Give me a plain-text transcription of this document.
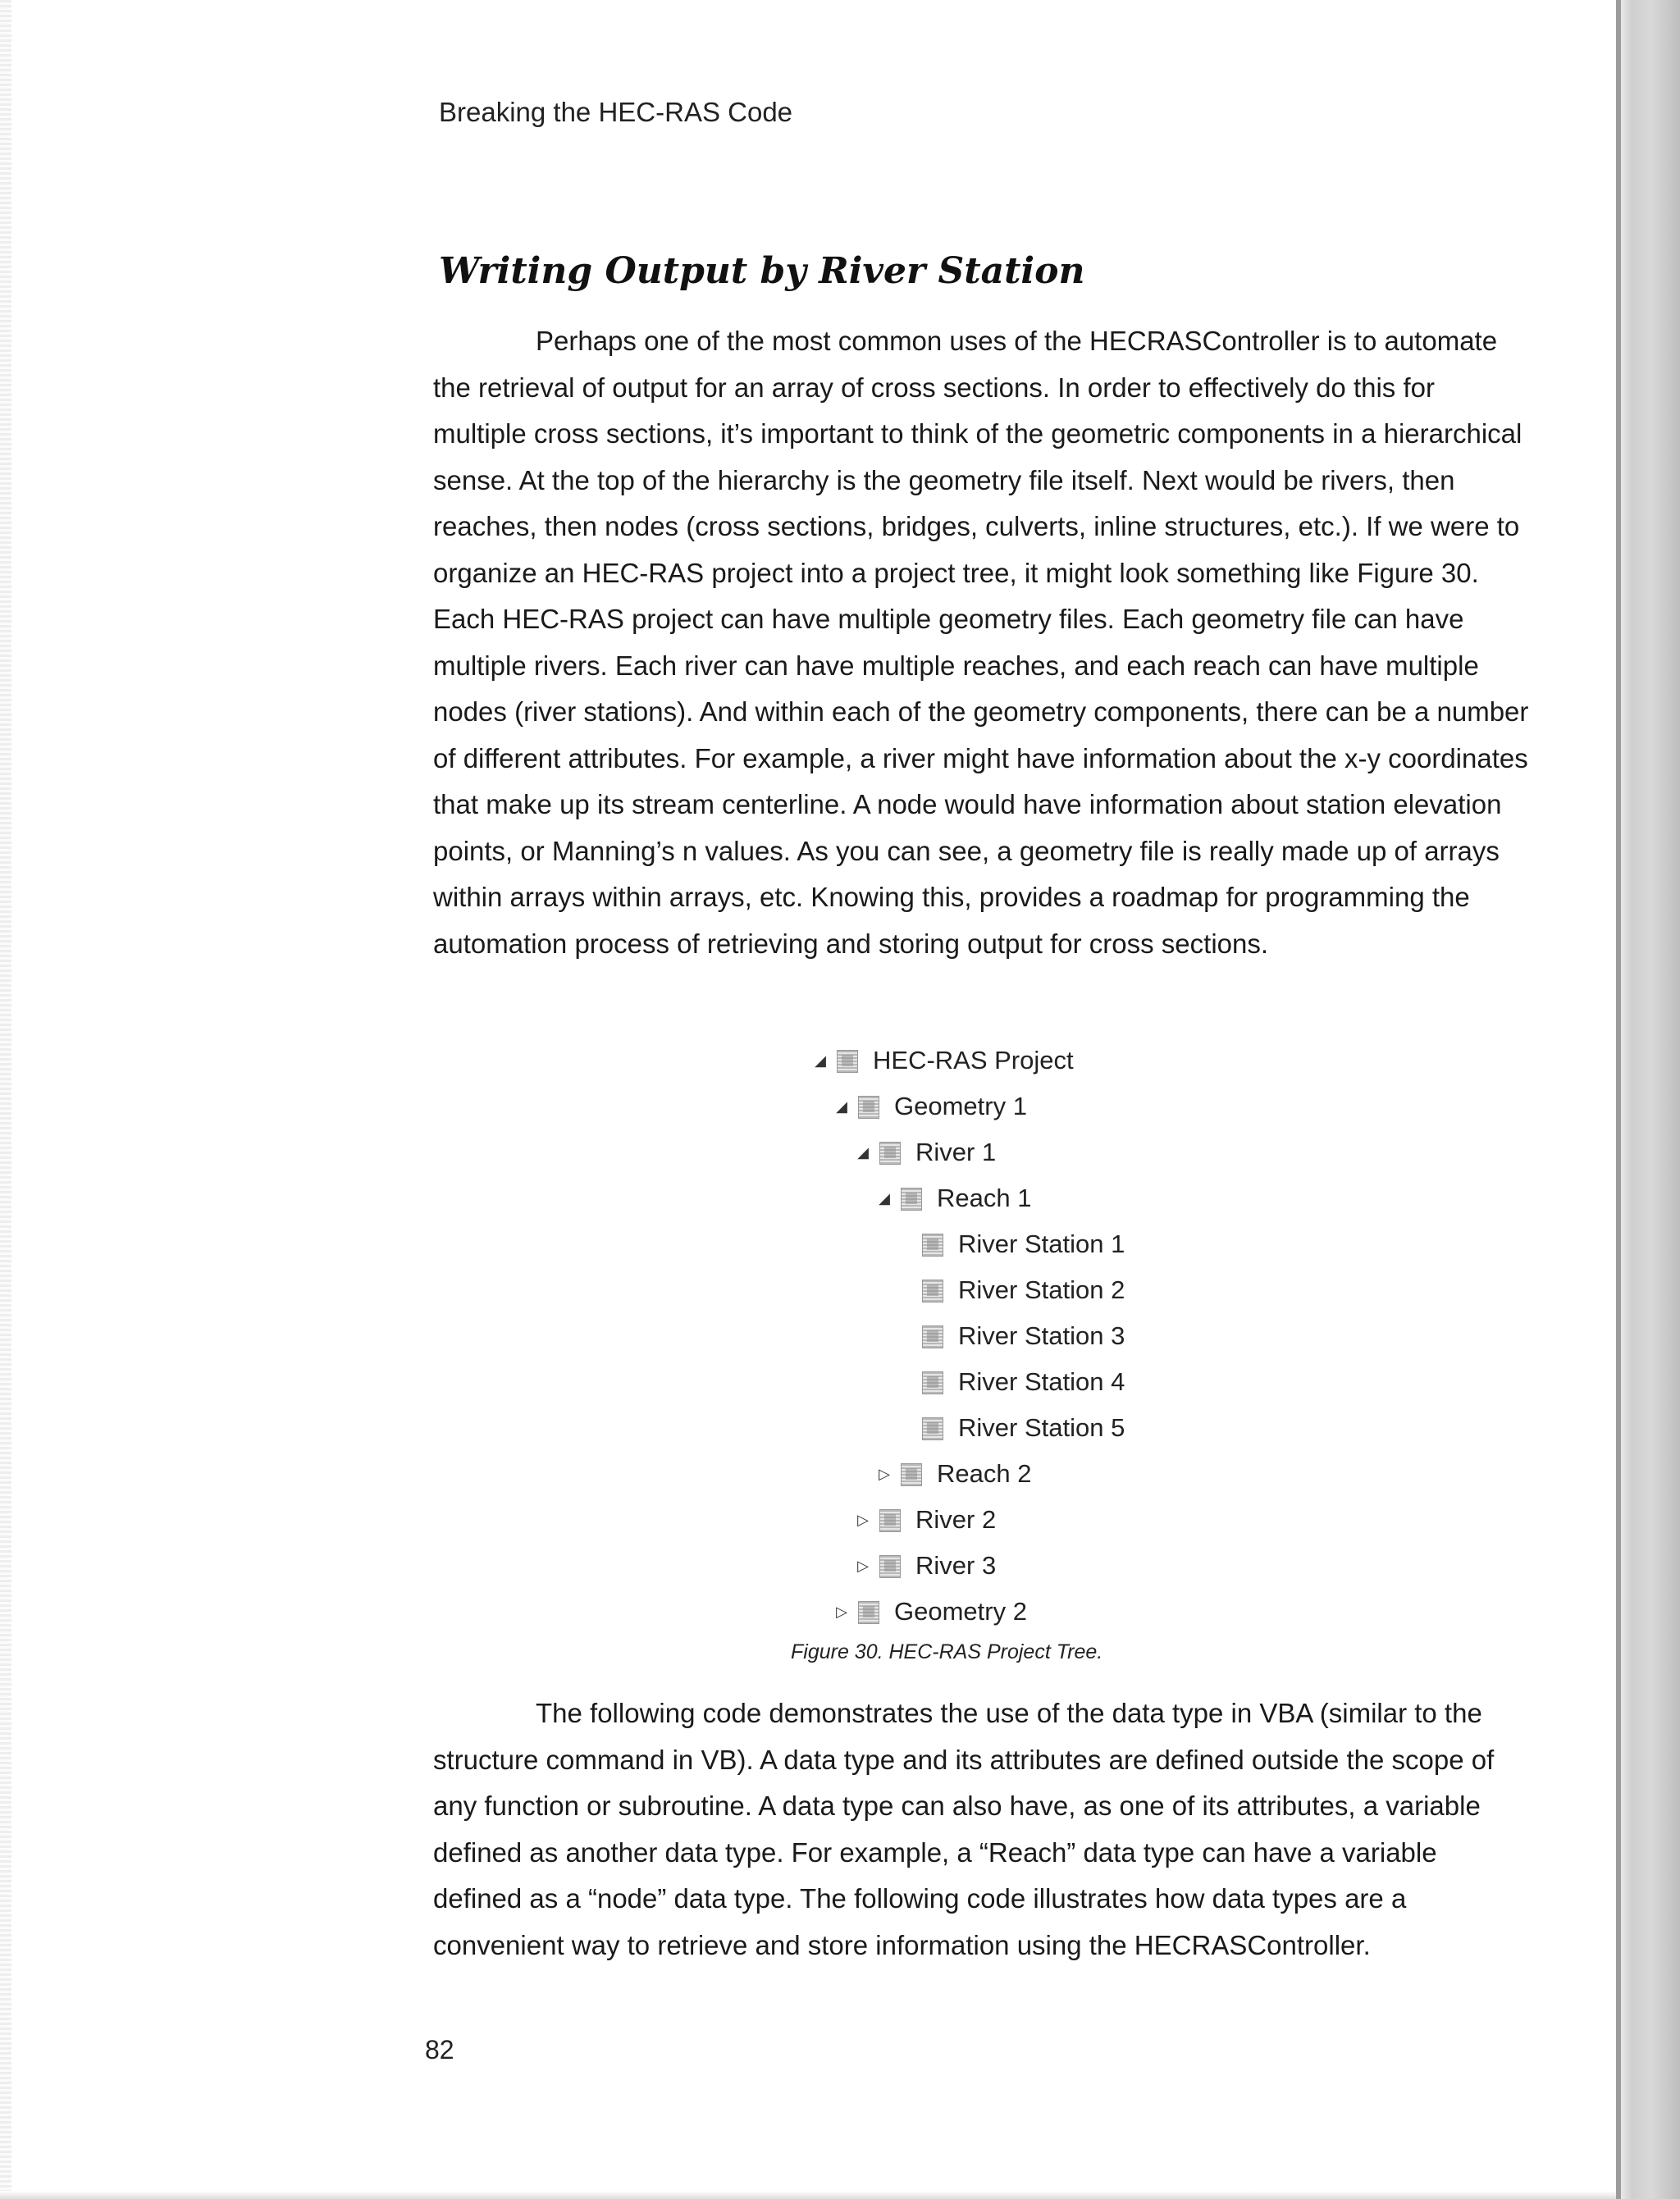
Breaking the HEC-RAS Code
Writing Output by River Station

Perhaps one of the most common uses of the HECRASController is to automate the retrieval of output for an array of cross sections. In order to effectively do this for multiple cross sections, it’s important to think of the geometric components in a hierarchical sense. At the top of the hierarchy is the geometry file itself. Next would be rivers, then reaches, then nodes (cross sections, bridges, culverts, inline structures, etc.). If we were to organize an HEC-RAS project into a project tree, it might look something like Figure 30. Each HEC-RAS project can have multiple geometry files. Each geometry file can have multiple rivers. Each river can have multiple reaches, and each reach can have multiple nodes (river stations). And within each of the geometry components, there can be a number of different attributes. For example, a river might have information about the x-y coordinates that make up its stream centerline. A node would have information about station elevation points, or Manning’s n values. As you can see, a geometry file is really made up of arrays within arrays within arrays, etc. Knowing this, provides a roadmap for programming the automation process of retrieving and storing output for cross sections.

◢ HEC-RAS Project
◢ Geometry 1
◢ River 1
◢ Reach 1
River Station 1
River Station 2
River Station 3
River Station 4
River Station 5
▷ Reach 2
▷ River 2
▷ River 3
▷ Geometry 2
Figure 30. HEC-RAS Project Tree.

The following code demonstrates the use of the data type in VBA (similar to the structure command in VB). A data type and its attributes are defined outside the scope of any function or subroutine. A data type can also have, as one of its attributes, a variable defined as another data type. For example, a “Reach” data type can have a variable defined as a “node” data type. The following code illustrates how data types are a convenient way to retrieve and store information using the HECRASController.

82
